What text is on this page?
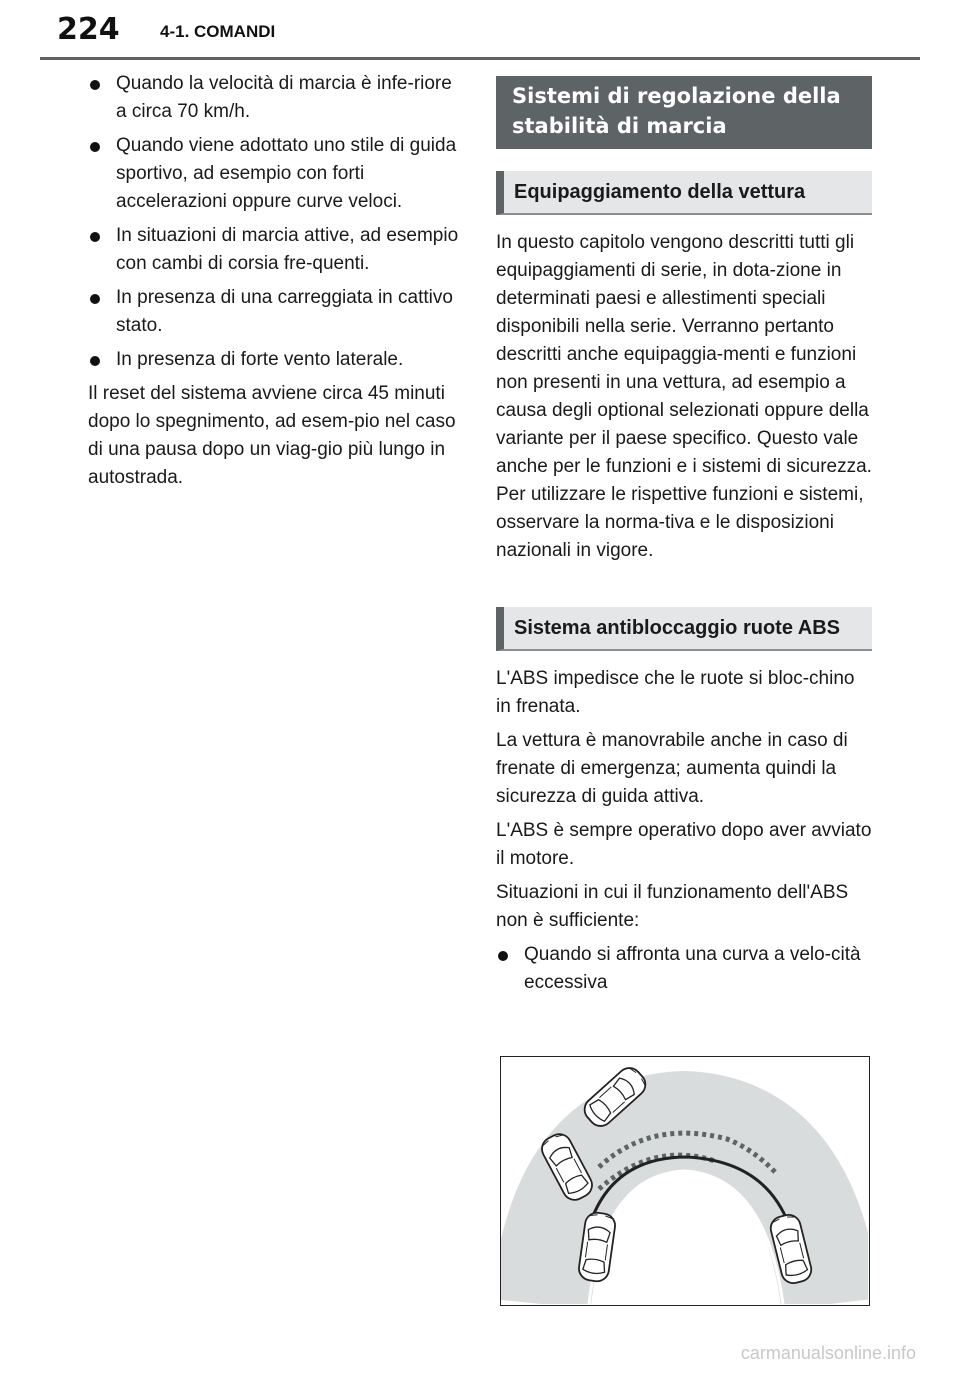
224 4-1. COMANDI
Quando la velocità di marcia è infe-riore a circa 70 km/h.
Quando viene adottato uno stile di guida sportivo, ad esempio con forti accelerazioni oppure curve veloci.
In situazioni di marcia attive, ad esempio con cambi di corsia fre-quenti.
In presenza di una carreggiata in cattivo stato.
In presenza di forte vento laterale.

Il reset del sistema avviene circa 45 minuti dopo lo spegnimento, ad esem-pio nel caso di una pausa dopo un viag-gio più lungo in autostrada.

Sistemi di regolazione della stabilità di marcia
Equipaggiamento della vettura

In questo capitolo vengono descritti tutti gli equipaggiamenti di serie, in dota-zione in determinati paesi e allestimenti speciali disponibili nella serie. Verranno pertanto descritti anche equipaggia-menti e funzioni non presenti in una vettura, ad esempio a causa degli optional selezionati oppure della variante per il paese specifico. Questo vale anche per le funzioni e i sistemi di sicurezza. Per utilizzare le rispettive funzioni e sistemi, osservare la norma-tiva e le disposizioni nazionali in vigore.

Sistema antibloccaggio ruote ABS

L'ABS impedisce che le ruote si bloc-chino in frenata.

La vettura è manovrabile anche in caso di frenate di emergenza; aumenta quindi la sicurezza di guida attiva.

L'ABS è sempre operativo dopo aver avviato il motore.

Situazioni in cui il funzionamento dell'ABS non è sufficiente:

Quando si affronta una curva a velo-cità eccessiva
carmanualsonline.info
